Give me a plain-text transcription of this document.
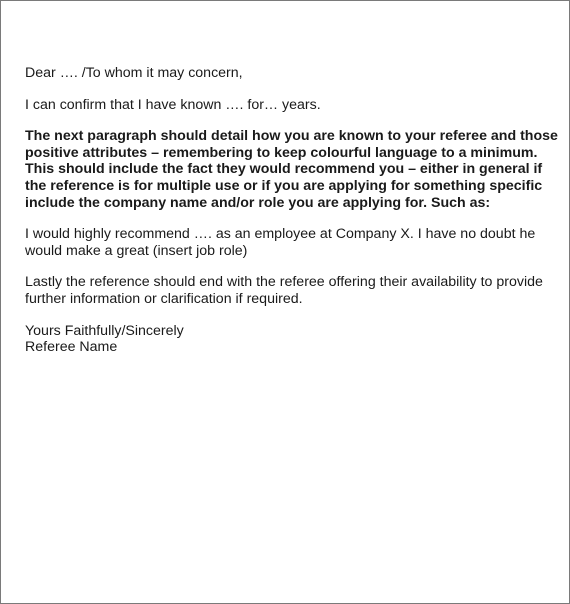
Dear …. /To whom it may concern,

I can confirm that I have known …. for… years.

The next paragraph should detail how you are known to your referee and those positive attributes – remembering to keep colourful language to a minimum. This should include the fact they would recommend you – either in general if the reference is for multiple use or if you are applying for something specific include the company name and/or role you are applying for. Such as:

I would highly recommend …. as an employee at Company X. I have no doubt he would make a great (insert job role)

Lastly the reference should end with the referee offering their availability to provide further information or clarification if required.

Yours Faithfully/Sincerely
Referee Name
